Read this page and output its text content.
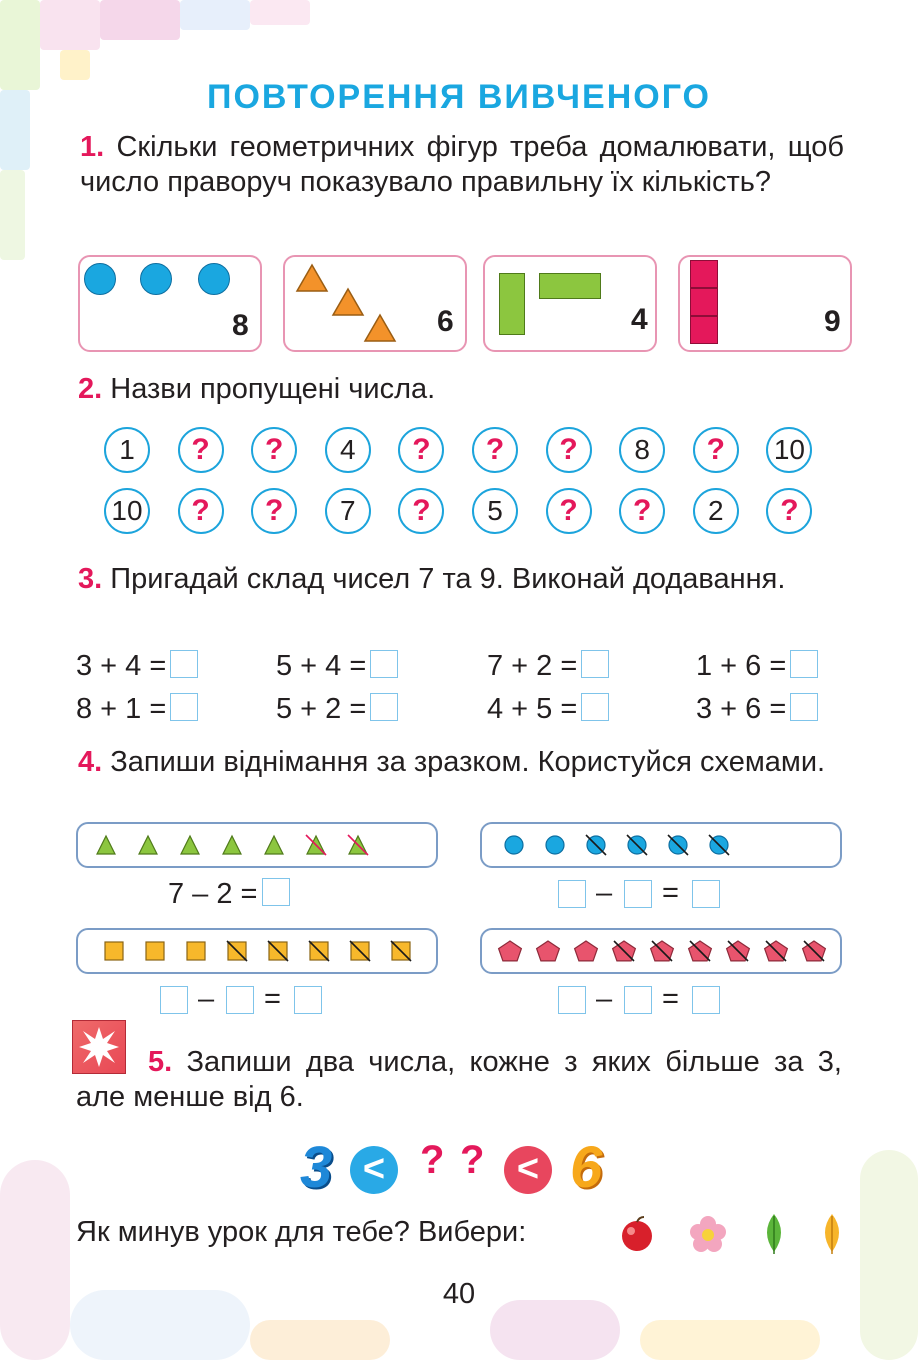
ПОВТОРЕННЯ ВИВЧЕНОГО
1. Скільки геометричних фігур треба домалювати, щоб число праворуч показувало правильну їх кількість?
8	6	4	9
2. Назви пропущені числа.
1	?	?	4	?	?	?	8	?	10
10	?	?	7	?	5	?	?	2	?
3. Пригадай склад чисел 7 та 9. Виконай додавання.
3 + 4 =	5 + 4 =	7 + 2 =	1 + 6 =
8 + 1 =	5 + 2 =	4 + 5 =	3 + 6 =
4. Запиши віднімання за зразком. Користуйся схемами.
7 – 2 =	– =
– =	– =
5. Запиши два числа, кожне з яких більше за 3, але менше від 6.
3 < ? ? < 6
Як минув урок для тебе? Вибери:
40
